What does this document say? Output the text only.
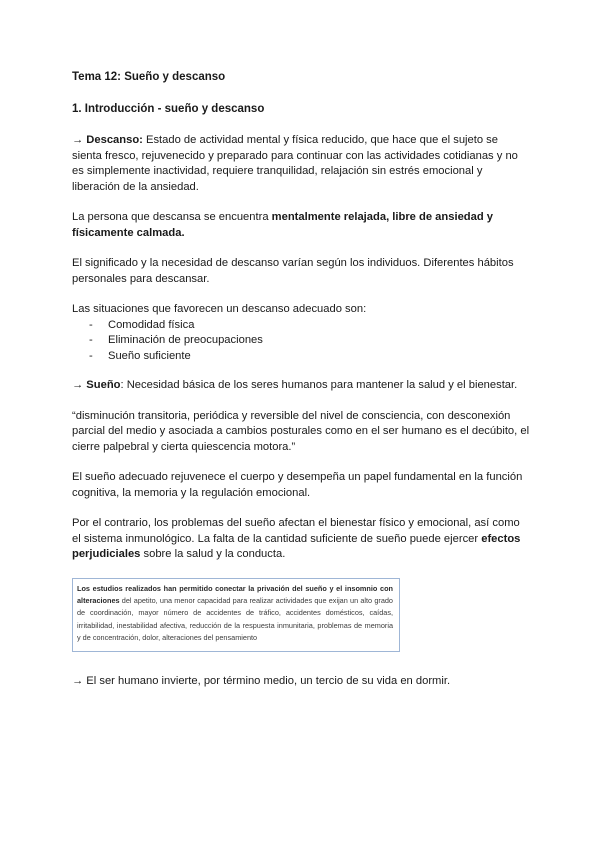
Tema 12: Sueño y descanso
1. Introducción - sueño y descanso

→ Descanso: Estado de actividad mental y física reducido, que hace que el sujeto se sienta fresco, rejuvenecido y preparado para continuar con las actividades cotidianas y no es simplemente inactividad, requiere tranquilidad, relajación sin estrés emocional y liberación de la ansiedad.

La persona que descansa se encuentra mentalmente relajada, libre de ansiedad y físicamente calmada.

El significado y la necesidad de descanso varían según los individuos. Diferentes hábitos personales para descansar.

Las situaciones que favorecen un descanso adecuado son:

- Comodidad física
- Eliminación de preocupaciones
- Sueño suficiente

→ Sueño: Necesidad básica de los seres humanos para mantener la salud y el bienestar.

“disminución transitoria, periódica y reversible del nivel de consciencia, con desconexión parcial del medio y asociada a cambios posturales como en el ser humano es el decúbito, el cierre palpebral y cierta quiescencia motora.”

El sueño adecuado rejuvenece el cuerpo y desempeña un papel fundamental en la función cognitiva, la memoria y la regulación emocional.

Por el contrario, los problemas del sueño afectan el bienestar físico y emocional, así como el sistema inmunológico. La falta de la cantidad suficiente de sueño puede ejercer efectos perjudiciales sobre la salud y la conducta.

Los estudios realizados han permitido conectar la privación del sueño y el insomnio con alteraciones del apetito, una menor capacidad para realizar actividades que exijan un alto grado de coordinación, mayor número de accidentes de tráfico, accidentes domésticos, caídas, irritabilidad, inestabilidad afectiva, reducción de la respuesta inmunitaria, problemas de memoria y de concentración, dolor, alteraciones del pensamiento

→ El ser humano invierte, por término medio, un tercio de su vida en dormir.
